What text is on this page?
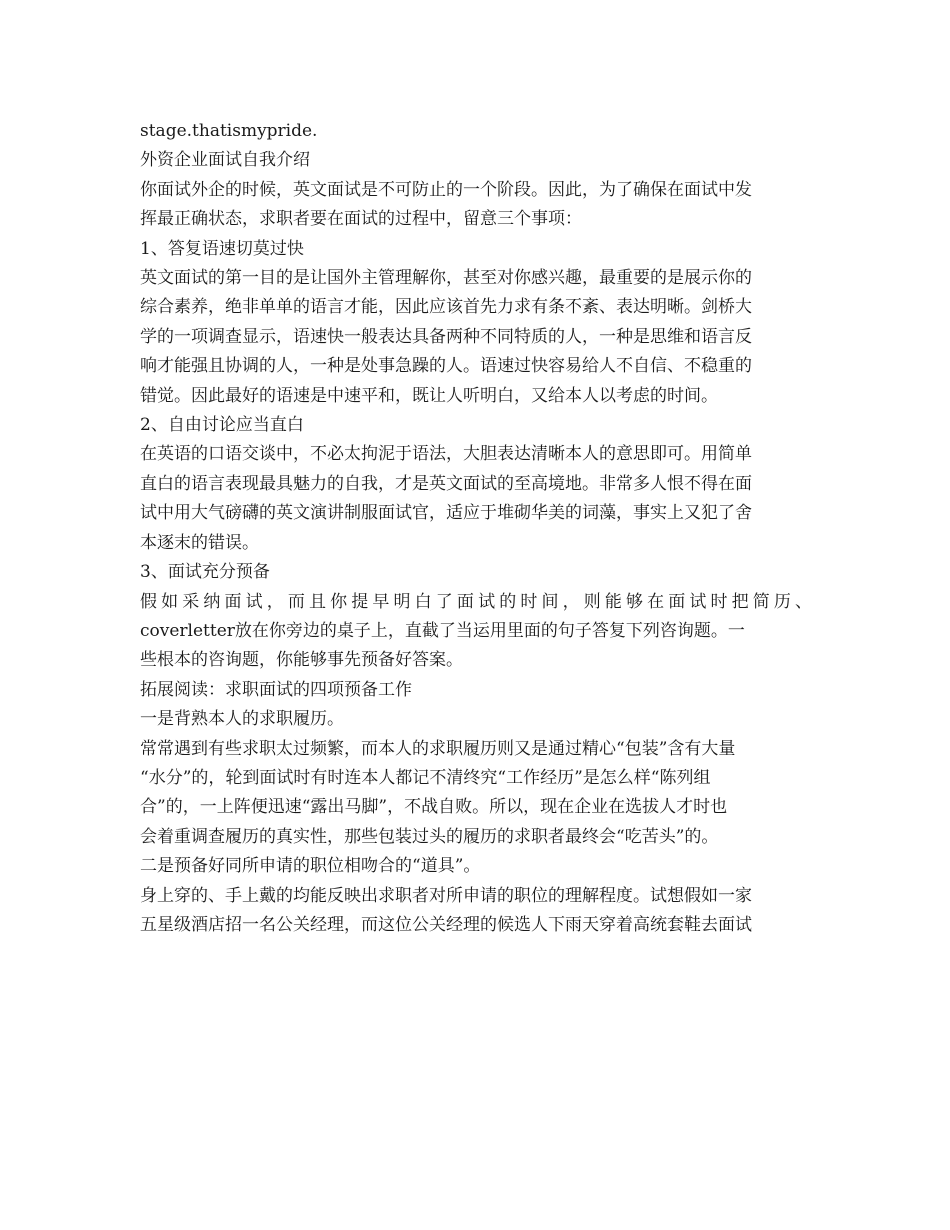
stage.thatismypride.
外资企业面试自我介绍
你面试外企的时候，英文面试是不可防止的一个阶段。因此，为了确保在面试中发
挥最正确状态，求职者要在面试的过程中，留意三个事项：
1、答复语速切莫过快
英文面试的第一目的是让国外主管理解你，甚至对你感兴趣，最重要的是展示你的
综合素养，绝非单单的语言才能，因此应该首先力求有条不紊、表达明晰。剑桥大
学的一项调查显示，语速快一般表达具备两种不同特质的人，一种是思维和语言反
响才能强且协调的人，一种是处事急躁的人。语速过快容易给人不自信、不稳重的
错觉。因此最好的语速是中速平和，既让人听明白，又给本人以考虑的时间。
2、自由讨论应当直白
在英语的口语交谈中，不必太拘泥于语法，大胆表达清晰本人的意思即可。用简单
直白的语言表现最具魅力的自我，才是英文面试的至高境地。非常多人恨不得在面
试中用大气磅礴的英文演讲制服面试官，适应于堆砌华美的词藻，事实上又犯了舍
本逐末的错误。
3、面试充分预备
假如采纳面试，而且你提早明白了面试的时间，则能够在面试时把简历、
coverletter放在你旁边的桌子上，直截了当运用里面的句子答复下列咨询题。一
些根本的咨询题，你能够事先预备好答案。
拓展阅读：求职面试的四项预备工作
一是背熟本人的求职履历。
常常遇到有些求职太过频繁，而本人的求职履历则又是通过精心“包装”含有大量
“水分”的，轮到面试时有时连本人都记不清终究“工作经历”是怎么样“陈列组
合”的，一上阵便迅速“露出马脚”，不战自败。所以，现在企业在选拔人才时也
会着重调查履历的真实性，那些包装过头的履历的求职者最终会“吃苦头”的。
二是预备好同所申请的职位相吻合的“道具”。
身上穿的、手上戴的均能反映出求职者对所申请的职位的理解程度。试想假如一家
五星级酒店招一名公关经理，而这位公关经理的候选人下雨天穿着高统套鞋去面试
